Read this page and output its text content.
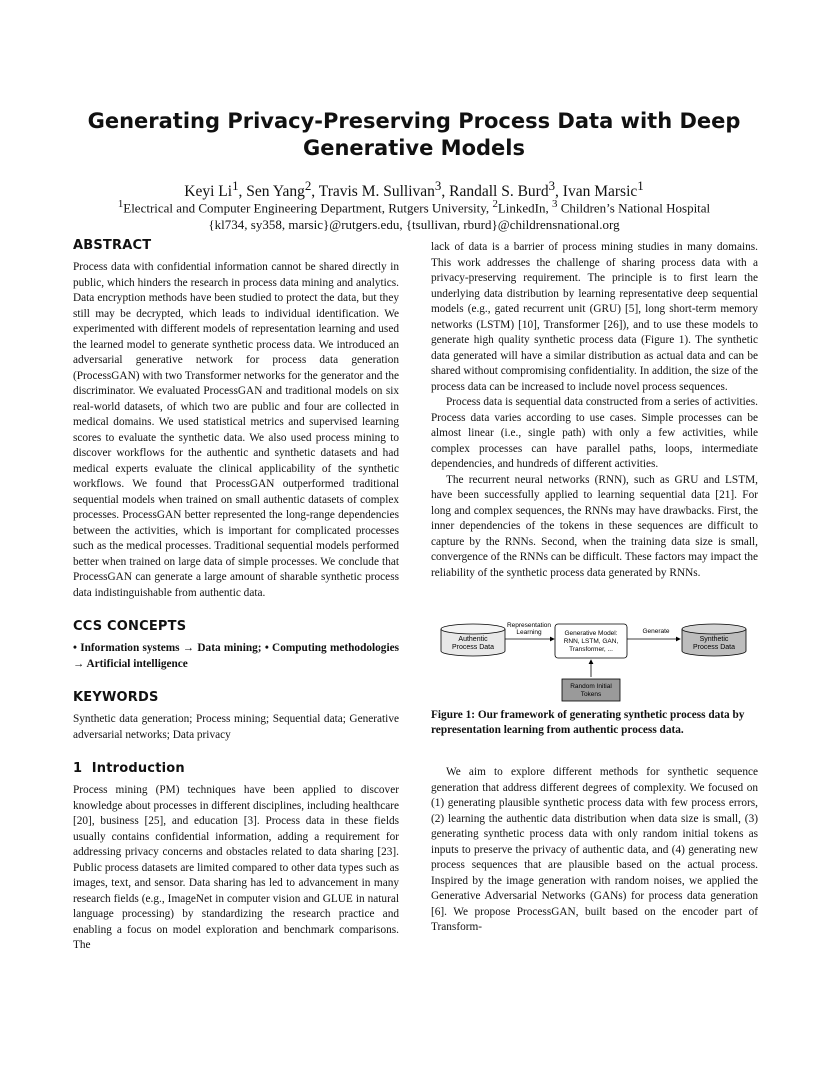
Generating Privacy-Preserving Process Data with Deep Generative Models
Keyi Li$^1$, Sen Yang$^2$, Travis M. Sullivan$^3$, Randall S. Burd$^3$, Ivan Marsic$^1$
$^1$Electrical and Computer Engineering Department, Rutgers University, $^2$LinkedIn, $^3$ Children’s National Hospital
{kl734, sy358, marsic}@rutgers.edu, {tsullivan, rburd}@childrensnational.org
ABSTRACT

Process data with confidential information cannot be shared directly in public, which hinders the research in process data mining and analytics. Data encryption methods have been studied to protect the data, but they still may be decrypted, which leads to individual identification. We experimented with different models of representation learning and used the learned model to generate synthetic process data. We introduced an adversarial generative network for process data generation (ProcessGAN) with two Transformer networks for the generator and the discriminator. We evaluated ProcessGAN and traditional models on six real-world datasets, of which two are public and four are collected in medical domains. We used statistical metrics and supervised learning scores to evaluate the synthetic data. We also used process mining to discover workflows for the authentic and synthetic datasets and had medical experts evaluate the clinical applicability of the synthetic workflows. We found that ProcessGAN outperformed traditional sequential models when trained on small authentic datasets of complex processes. ProcessGAN better represented the long-range dependencies between the activities, which is important for complicated processes such as the medical processes. Traditional sequential models performed better when trained on large data of simple processes. We conclude that ProcessGAN can generate a large amount of sharable synthetic process data indistinguishable from authentic data.

CCS CONCEPTS

• Information systems → Data mining; • Computing methodologies → Artificial intelligence

KEYWORDS

Synthetic data generation; Process mining; Sequential data; Generative adversarial networks; Data privacy

1 Introduction

Process mining (PM) techniques have been applied to discover knowledge about processes in different disciplines, including healthcare [20], business [25], and education [3]. Process data in these fields usually contains confidential information, adding a requirement for addressing privacy concerns and obstacles related to data sharing [23]. Public process datasets are limited compared to other data types such as images, text, and sensor. Data sharing has led to advancement in many research fields (e.g., ImageNet in computer vision and GLUE in natural language processing) by standardizing the research practice and enabling a focus on model exploration and benchmark comparisons. The

lack of data is a barrier of process mining studies in many domains. This work addresses the challenge of sharing process data with a privacy-preserving requirement. The principle is to first learn the underlying data distribution by learning representative deep sequential models (e.g., gated recurrent unit (GRU) [5], long short-term memory networks (LSTM) [10], Transformer [26]), and to use these models to generate high quality synthetic process data (Figure 1). The synthetic data generated will have a similar distribution as actual data and can be shared without compromising confidentiality. In addition, the size of the process data can be increased to include novel process sequences.

Process data is sequential data constructed from a series of activities. Process data varies according to use cases. Simple processes can be almost linear (i.e., single path) with only a few activities, while complex processes can have parallel paths, loops, intermediate dependencies, and hundreds of different activities.

The recurrent neural networks (RNN), such as GRU and LSTM, have been successfully applied to learning sequential data [21]. For long and complex sequences, the RNNs may have drawbacks. First, the inner dependencies of the tokens in these sequences are difficult to capture by the RNNs. Second, when the training data size is small, convergence of the RNNs can be difficult. These factors may impact the reliability of the synthetic process data generated by RNNs.

Authentic
Process Data
Representation
Learning	Generative Model:
RNN, LSTM, GAN,
Transformer, ...
Generate
Synthetic
Process Data
Random Initial
Tokens
Figure 1: Our framework of generating synthetic process data by representation learning from authentic process data.

We aim to explore different methods for synthetic sequence generation that address different degrees of complexity. We focused on (1) generating plausible synthetic process data with few process errors, (2) learning the authentic data distribution when data size is small, (3) generating synthetic process data with only random initial tokens as inputs to preserve the privacy of authentic data, and (4) generating new process sequences that are plausible based on the actual process. Inspired by the image generation with random noises, we applied the Generative Adversarial Networks (GANs) for process data generation [6]. We propose ProcessGAN, built based on the encoder part of Transform-
